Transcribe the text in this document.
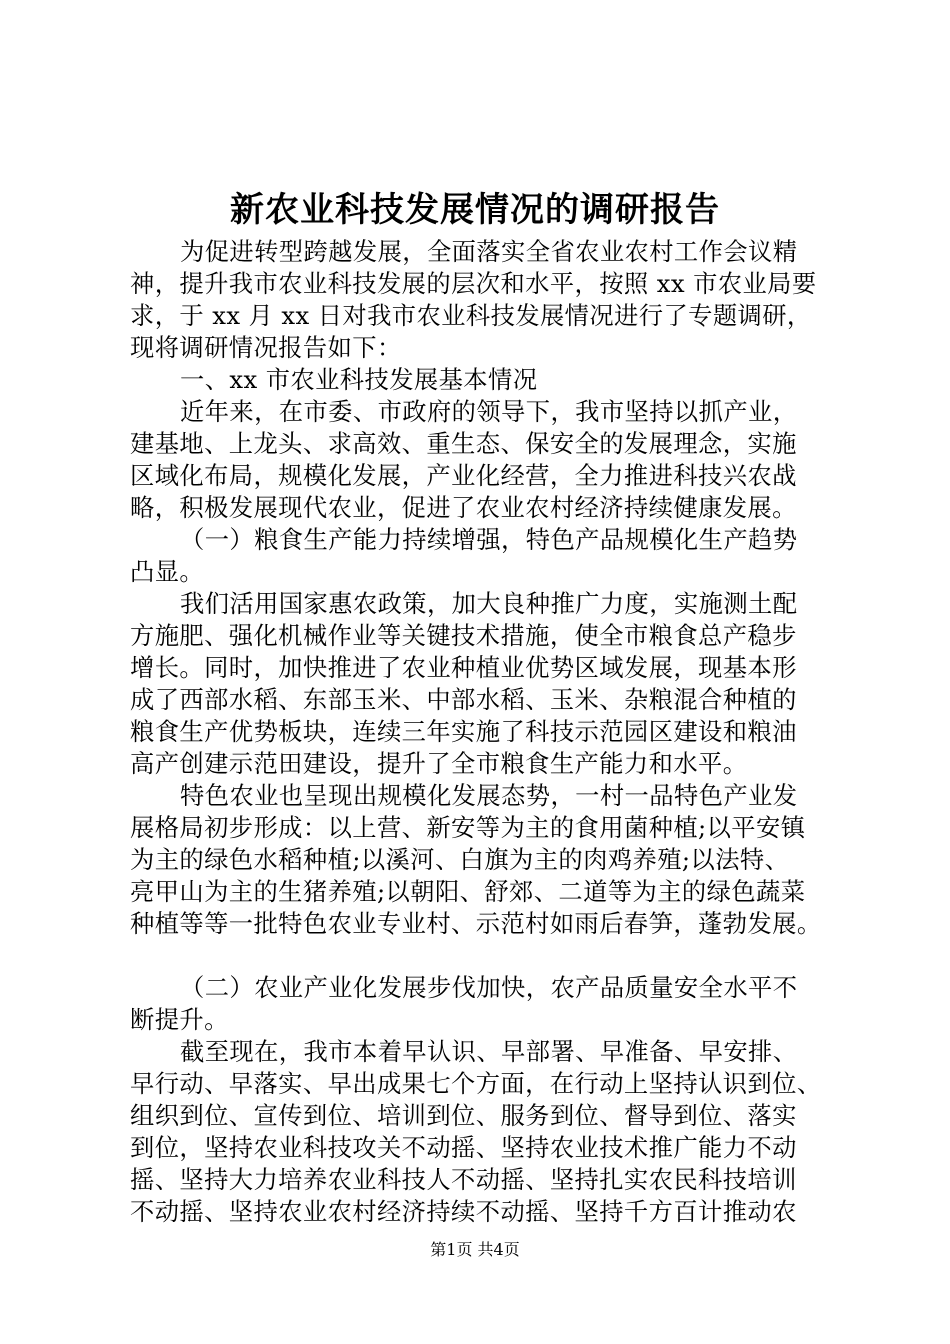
新农业科技发展情况的调研报告
为促进转型跨越发展，全面落实全省农业农村工作会议精
神，提升我市农业科技发展的层次和水平，按照 xx 市农业局要
求，于 xx 月 xx 日对我市农业科技发展情况进行了专题调研，
现将调研情况报告如下：
一、xx 市农业科技发展基本情况
近年来，在市委、市政府的领导下，我市坚持以抓产业，
建基地、上龙头、求高效、重生态、保安全的发展理念，实施
区域化布局，规模化发展，产业化经营，全力推进科技兴农战
略，积极发展现代农业，促进了农业农村经济持续健康发展。
（一）粮食生产能力持续增强，特色产品规模化生产趋势
凸显。
我们活用国家惠农政策，加大良种推广力度，实施测土配
方施肥、强化机械作业等关键技术措施，使全市粮食总产稳步
增长。同时，加快推进了农业种植业优势区域发展，现基本形
成了西部水稻、东部玉米、中部水稻、玉米、杂粮混合种植的
粮食生产优势板块，连续三年实施了科技示范园区建设和粮油
高产创建示范田建设，提升了全市粮食生产能力和水平。
特色农业也呈现出规模化发展态势，一村一品特色产业发
展格局初步形成：以上营、新安等为主的食用菌种植;以平安镇
为主的绿色水稻种植;以溪河、白旗为主的肉鸡养殖;以法特、
亮甲山为主的生猪养殖;以朝阳、舒郊、二道等为主的绿色蔬菜
种植等等一批特色农业专业村、示范村如雨后春笋，蓬勃发展。
（二）农业产业化发展步伐加快，农产品质量安全水平不
断提升。
截至现在，我市本着早认识、早部署、早准备、早安排、
早行动、早落实、早出成果七个方面，在行动上坚持认识到位、
组织到位、宣传到位、培训到位、服务到位、督导到位、落实
到位，坚持农业科技攻关不动摇、坚持农业技术推广能力不动
摇、坚持大力培养农业科技人不动摇、坚持扎实农民科技培训
不动摇、坚持农业农村经济持续不动摇、坚持千方百计推动农
第1页 共4页
